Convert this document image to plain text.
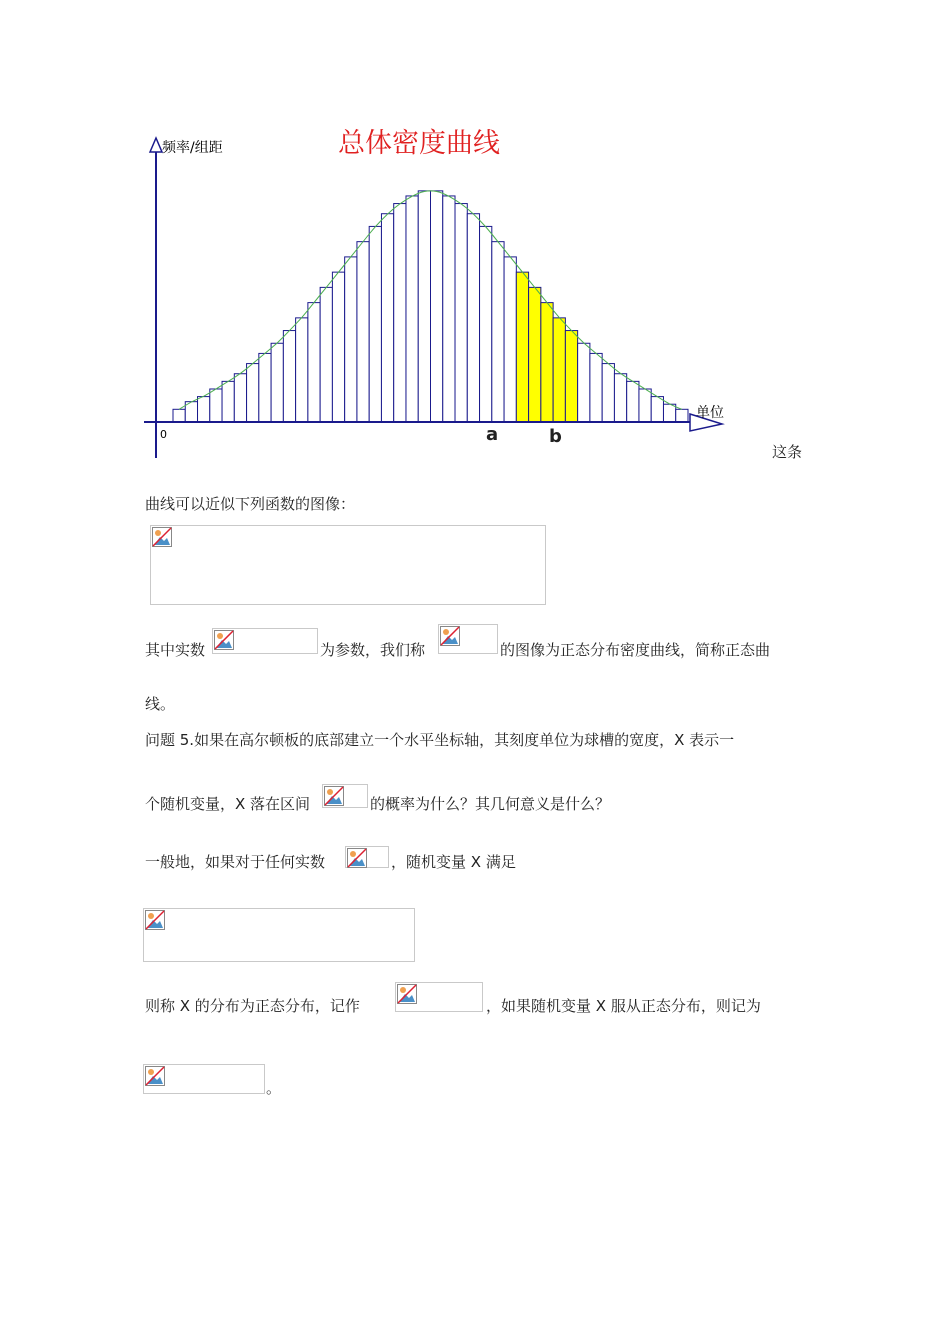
频率/组距	总体密度曲线
单位
0	a	b
这条
曲线可以近似下列函数的图像：
其中实数	为参数，我们称	的图像为正态分布密度曲线，简称正态曲
线。
问题 5.如果在高尔顿板的底部建立一个水平坐标轴，其刻度单位为球槽的宽度，X 表示一
个随机变量，X 落在区间	的概率为什么？其几何意义是什么？
一般地，如果对于任何实数	，随机变量 X 满足
则称 X 的分布为正态分布，记作	，如果随机变量 X 服从正态分布，则记为
。
